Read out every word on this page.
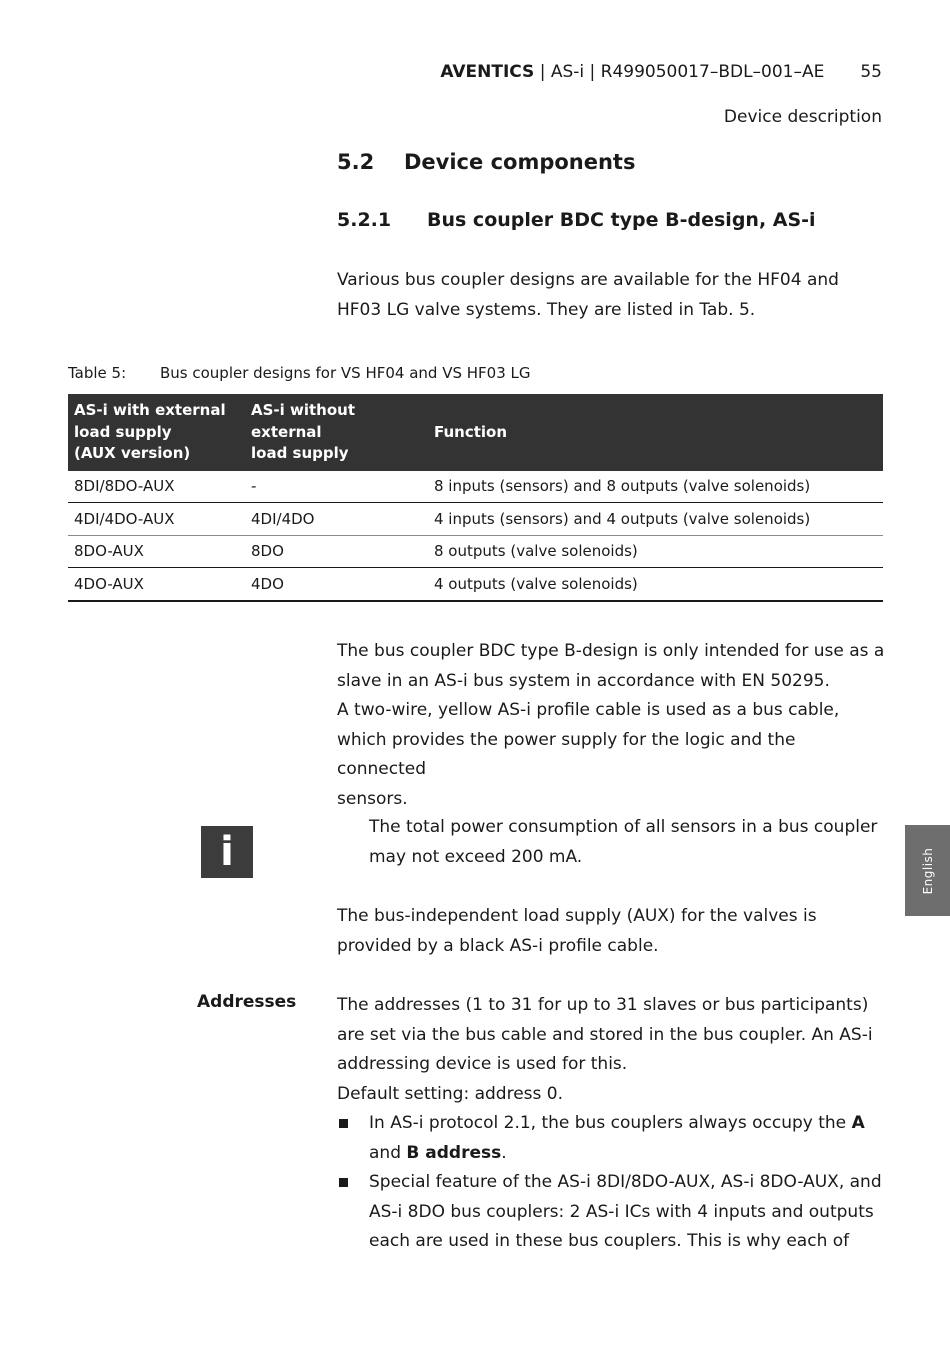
AVENTICS | AS-i | R499050017–BDL–001–AE 55
Device description
5.2 Device components
5.2.1 Bus coupler BDC type B-design, AS-i

Various bus coupler designs are available for the HF04 and
HF03 LG valve systems. They are listed in Tab. 5.

Table 5: Bus coupler designs for VS HF04 and VS HF03 LG
AS-i with external
load supply
(AUX version)	AS-i without external
load supply	Function
8DI/8DO-AUX	-	8 inputs (sensors) and 8 outputs (valve solenoids)
4DI/4DO-AUX	4DI/4DO	4 inputs (sensors) and 4 outputs (valve solenoids)
8DO-AUX	8DO	8 outputs (valve solenoids)
4DO-AUX	4DO	4 outputs (valve solenoids)

The bus coupler BDC type B-design is only intended for use as a
slave in an AS-i bus system in accordance with EN 50295.
A two-wire, yellow AS-i profile cable is used as a bus cable,
which provides the power supply for the logic and the connected
sensors.

i

The total power consumption of all sensors in a bus coupler
may not exceed 200 mA.

The bus-independent load supply (AUX) for the valves is
provided by a black AS-i profile cable.

Addresses The addresses (1 to 31 for up to 31 slaves or bus participants)
are set via the bus cable and stored in the bus coupler. An AS-i
addressing device is used for this.
Default setting: address 0.

In AS-i protocol 2.1, the bus couplers always occupy the A
and B address.
Special feature of the AS-i 8DI/8DO-AUX, AS-i 8DO-AUX, and
AS-i 8DO bus couplers: 2 AS-i ICs with 4 inputs and outputs
each are used in these bus couplers. This is why each of
English
